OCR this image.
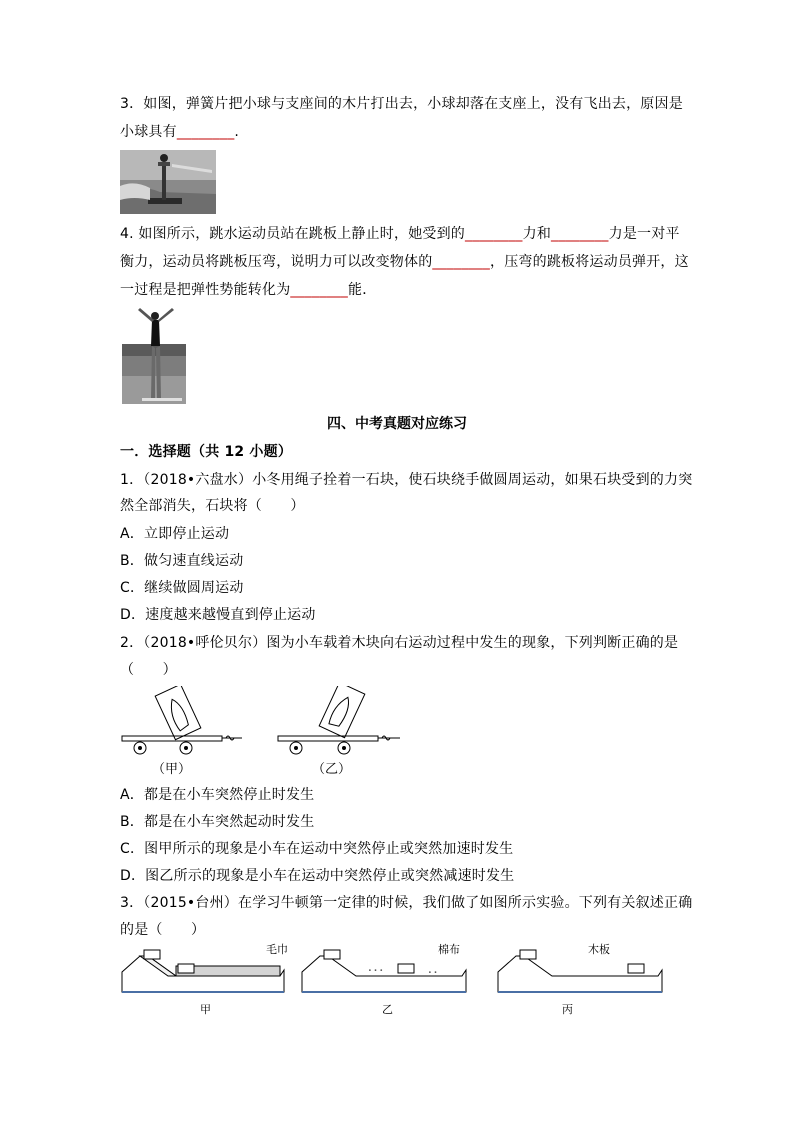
3．如图，弹簧片把小球与支座间的木片打出去，小球却落在支座上，没有飞出去，原因是
小球具有________.
4. 如图所示，跳水运动员站在跳板上静止时，她受到的________力和________力是一对平
衡力，运动员将跳板压弯，说明力可以改变物体的________，压弯的跳板将运动员弹开，这
一过程是把弹性势能转化为________能．
四、中考真题对应练习
一．选择题（共 12 小题）
1．（2018•六盘水）小冬用绳子拴着一石块，使石块绕手做圆周运动，如果石块受到的力突
然全部消失，石块将（　　）
A．立即停止运动
B．做匀速直线运动
C．继续做圆周运动
D．速度越来越慢直到停止运动
2．（2018•呼伦贝尔）图为小车载着木块向右运动过程中发生的现象，下列判断正确的是
（　　）
（甲）	（乙）
A．都是在小车突然停止时发生
B．都是在小车突然起动时发生
C．图甲所示的现象是小车在运动中突然停止或突然加速时发生
D．图乙所示的现象是小车在运动中突然停止或突然减速时发生
3．（2015•台州）在学习牛顿第一定律的时候，我们做了如图所示实验。下列有关叙述正确
的是（　　）
∙ ∙ ∙	∙ ∙
毛巾	棉布	木板
甲	乙	丙
